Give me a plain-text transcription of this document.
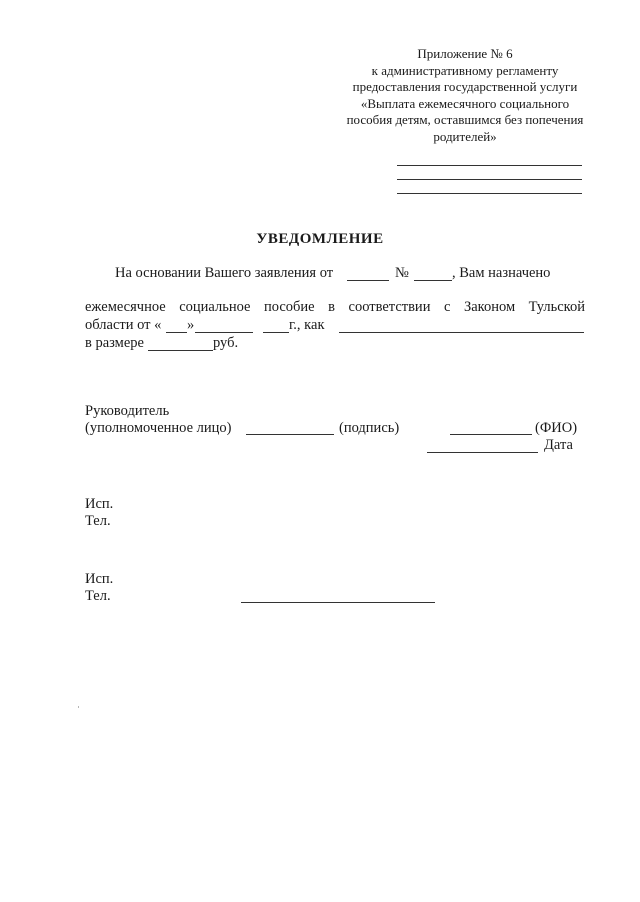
Приложение № 6
к административному регламенту
предоставления государственной услуги
«Выплата ежемесячного социального
пособия детям, оставшимся без попечения
родителей»
УВЕДОМЛЕНИЕ
На основании Вашего заявления от	№	, Вам назначено
ежемесячное социальное пособие в соответствии с Законом Тульской
области от « »	г., как
в размере	руб.
Руководитель
(уполномоченное лицо)	(подпись)	(ФИО)
Дата
Исп.
Тел.
Исп.
Тел.
